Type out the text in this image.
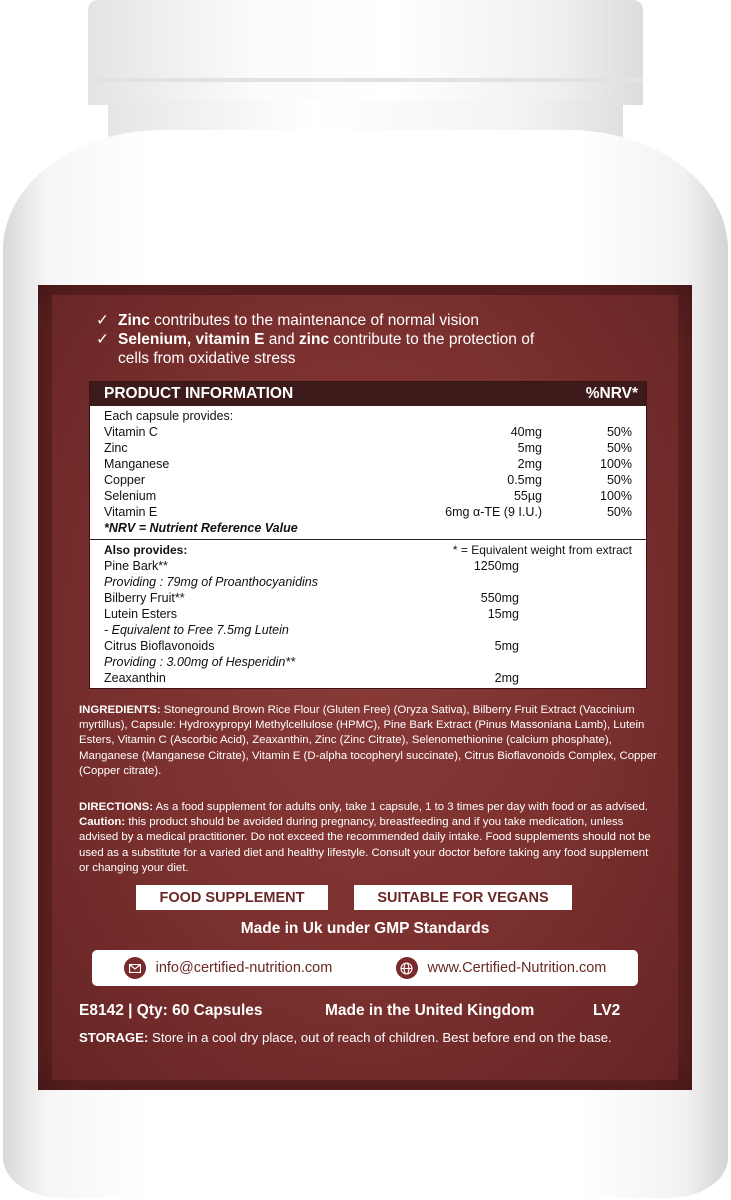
✓ Zinc contributes to the maintenance of normal vision
✓ Selenium, vitamin E and zinc contribute to the protection of
cells from oxidative stress
PRODUCT INFORMATION	%NRV*
Each capsule provides:
Vitamin C	40mg	50%
Zinc	5mg	50%
Manganese	2mg	100%
Copper	0.5mg	50%
Selenium	55µg	100%
Vitamin E	6mg α-TE (9 I.U.)	50%
*NRV = Nutrient Reference Value
Also provides:	* = Equivalent weight from extract
Pine Bark**	1250mg
Providing : 79mg of Proanthocyanidins
Bilberry Fruit**	550mg
Lutein Esters	15mg
- Equivalent to Free 7.5mg Lutein
Citrus Bioflavonoids	5mg
Providing : 3.00mg of Hesperidin**
Zeaxanthin	2mg
INGREDIENTS: Stoneground Brown Rice Flour (Gluten Free) (Oryza Sativa), Bilberry Fruit Extract (Vaccinium myrtillus), Capsule: Hydroxypropyl Methylcellulose (HPMC), Pine Bark Extract (Pinus Massoniana Lamb), Lutein Esters, Vitamin C (Ascorbic Acid), Zeaxanthin, Zinc (Zinc Citrate), Selenomethionine (calcium phosphate), Manganese (Manganese Citrate), Vitamin E (D-alpha tocopheryl succinate), Citrus Bioflavonoids Complex, Copper (Copper citrate).
DIRECTIONS: As a food supplement for adults only, take 1 capsule, 1 to 3 times per day with food or as advised. Caution: this product should be avoided during pregnancy, breastfeeding and if you take medication, unless advised by a medical practitioner. Do not exceed the recommended daily intake. Food supplements should not be used as a substitute for a varied diet and healthy lifestyle. Consult your doctor before taking any food supplement or changing your diet.
FOOD SUPPLEMENT	SUITABLE FOR VEGANS
Made in Uk under GMP Standards
info@certified-nutrition.com	www.Certified-Nutrition.com
E8142 | Qty: 60 Capsules	Made in the United Kingdom	LV2
STORAGE: Store in a cool dry place, out of reach of children. Best before end on the base.
